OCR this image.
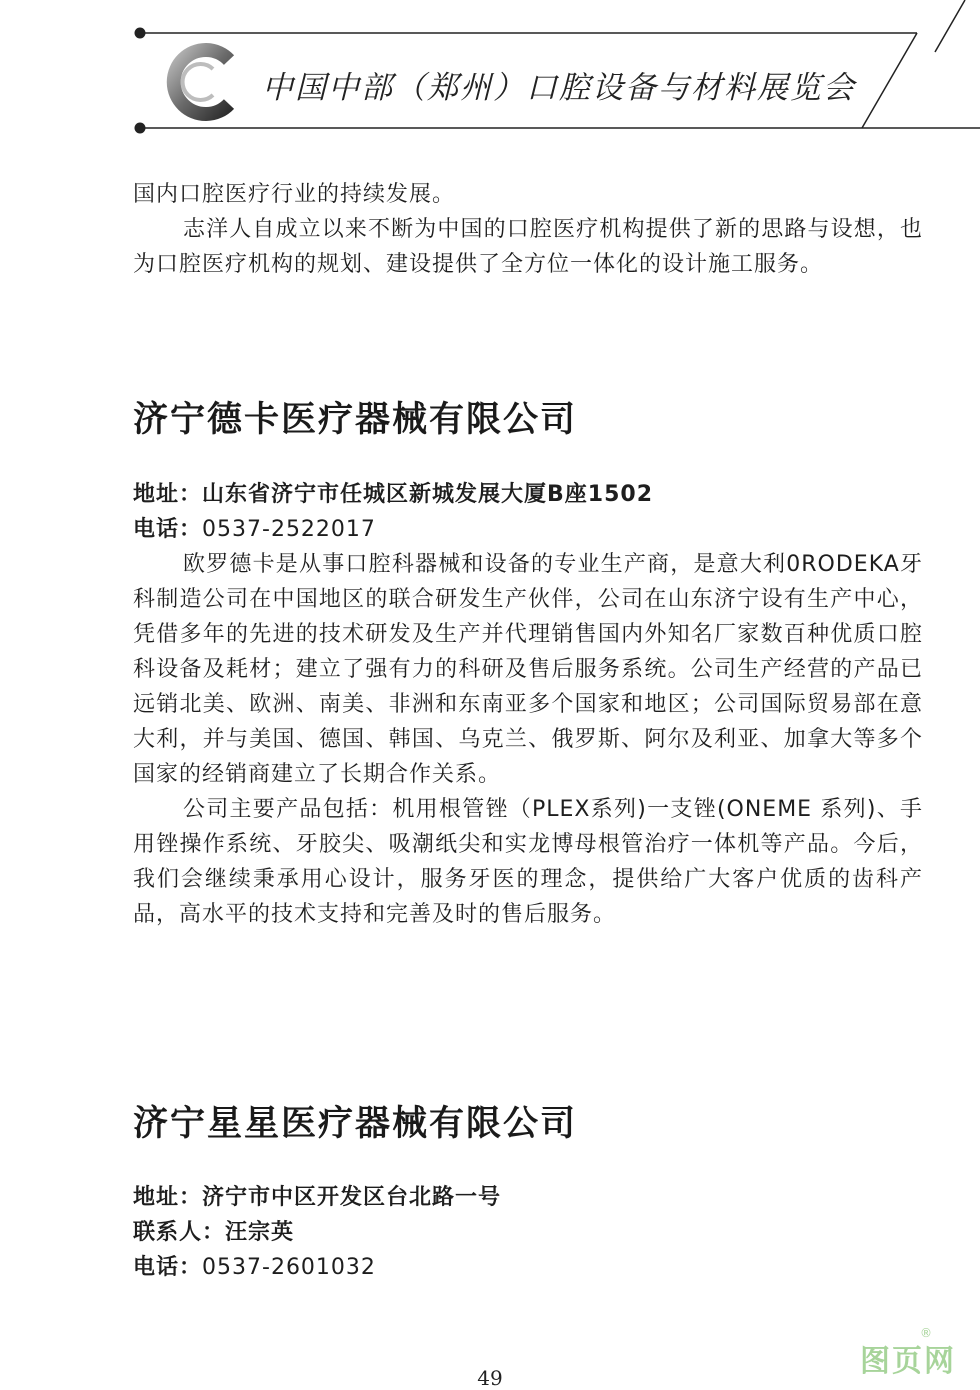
中国中部（郑州）口腔设备与材料展览会

国内口腔医疗行业的持续发展。

志洋人自成立以来不断为中国的口腔医疗机构提供了新的思路与设想，也为口腔医疗机构的规划、建设提供了全方位一体化的设计施工服务。

济宁德卡医疗器械有限公司

地址：山东省济宁市任城区新城发展大厦B座1502

电话：0537-2522017

欧罗德卡是从事口腔科器械和设备的专业生产商，是意大利0RODEKA牙科制造公司在中国地区的联合研发生产伙伴，公司在山东济宁设有生产中心，凭借多年的先进的技术研发及生产并代理销售国内外知名厂家数百种优质口腔科设备及耗材；建立了强有力的科研及售后服务系统。公司生产经营的产品已远销北美、欧洲、南美、非洲和东南亚多个国家和地区；公司国际贸易部在意大利，并与美国、德国、韩国、乌克兰、俄罗斯、阿尔及利亚、加拿大等多个国家的经销商建立了长期合作关系。

公司主要产品包括：机用根管锉（PLEX系列)一支锉(ONEME 系列)、手用锉操作系统、牙胶尖、吸潮纸尖和实龙博母根管治疗一体机等产品。今后，我们会继续秉承用心设计，服务牙医的理念，提供给广大客户优质的齿科产品，高水平的技术支持和完善及时的售后服务。

济宁星星医疗器械有限公司

地址：济宁市中区开发区台北路一号

联系人：汪宗英

电话：0537-2601032

49	图页网
®
